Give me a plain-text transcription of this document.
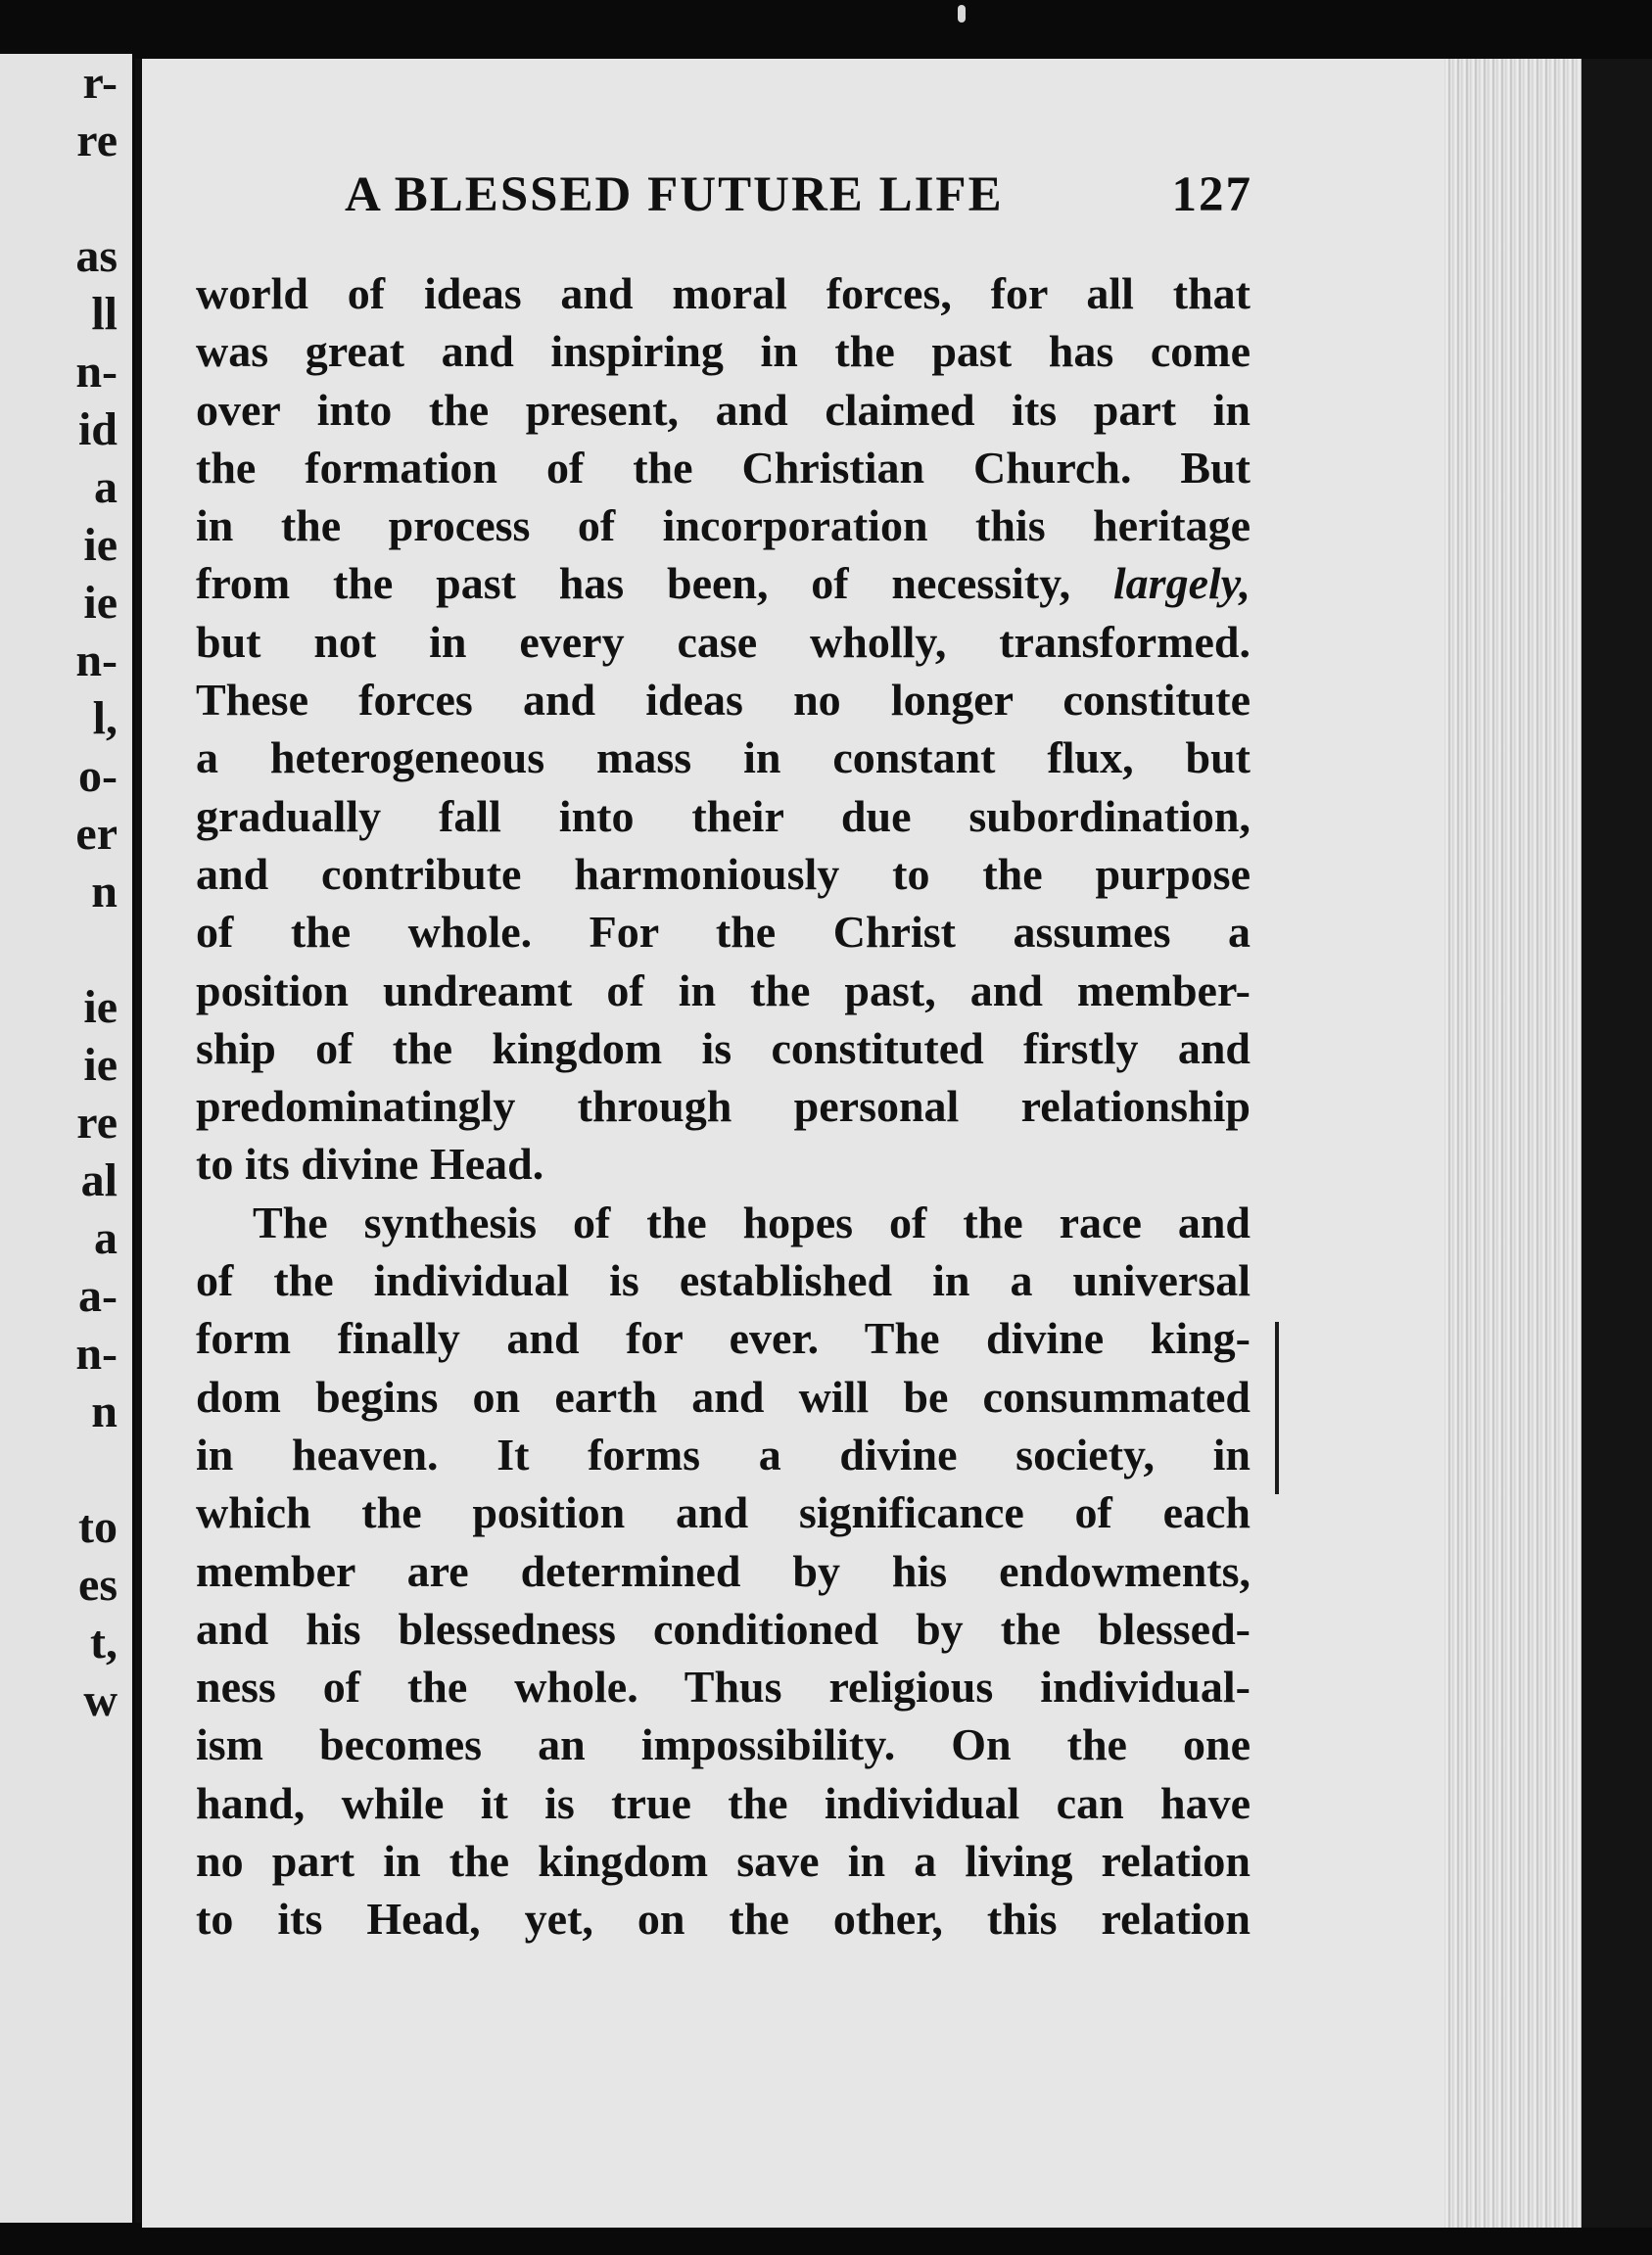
r-
re
as
ll
n-
id
a
ie
ie
n-
l,
o-
er
n
ie
ie
re
al
a
a-
n-
n
to
es
t,
w
A BLESSED FUTURE LIFE	127
world of ideas and moral forces, for all that
was great and inspiring in the past has come
over into the present, and claimed its part in
the formation of the Christian Church. But
in the process of incorporation this heritage
from the past has been, of necessity, largely,
but not in every case wholly, transformed.
These forces and ideas no longer constitute
a heterogeneous mass in constant flux, but
gradually fall into their due subordination,
and contribute harmoniously to the purpose
of the whole. For the Christ assumes a
position undreamt of in the past, and member-
ship of the kingdom is constituted firstly and
predominatingly through personal relationship
to its divine Head.
The synthesis of the hopes of the race and
of the individual is established in a universal
form finally and for ever. The divine king-
dom begins on earth and will be consummated
in heaven. It forms a divine society, in
which the position and significance of each
member are determined by his endowments,
and his blessedness conditioned by the blessed-
ness of the whole. Thus religious individual-
ism becomes an impossibility. On the one
hand, while it is true the individual can have
no part in the kingdom save in a living relation
to its Head, yet, on the other, this relation
